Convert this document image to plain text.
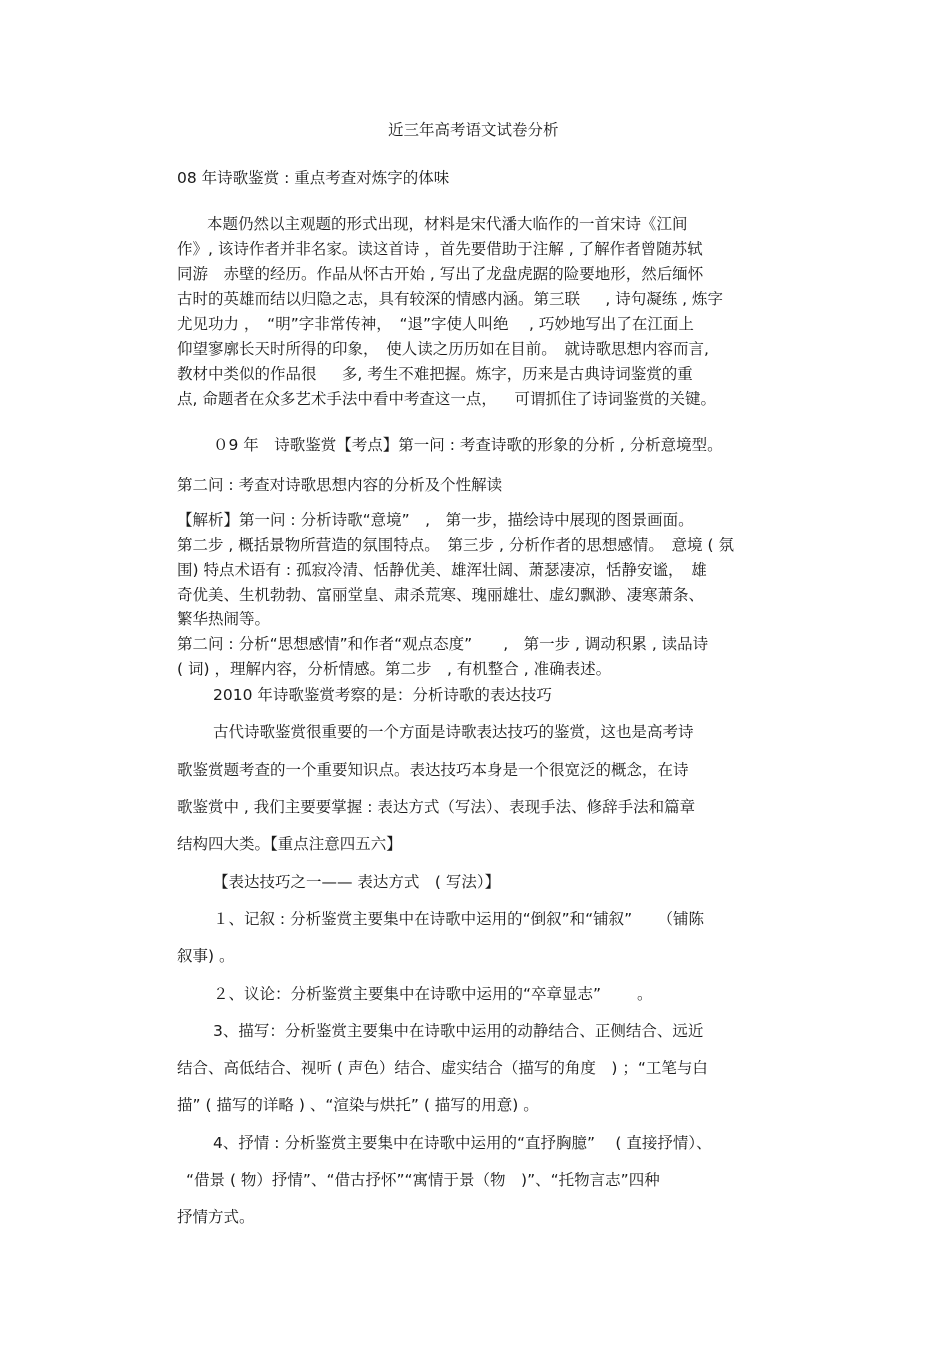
近三年高考语文试卷分析
08 年诗歌鉴赏 : 重点考查对炼字的体味
本题仍然以主观题的形式出现，材料是宋代潘大临作的一首宋诗《江间
作》, 该诗作者并非名家。读这首诗 ，首先要借助于注解 , 了解作者曾随苏轼
同游　赤壁的经历。作品从怀古开始 , 写出了龙盘虎踞的险要地形，然后缅怀
古时的英雄而结以归隐之志，具有较深的情感内涵。第三联　  , 诗句凝练 , 炼字
尤见功力 ，　“明”字非常传神，　“退”字使人叫绝　 , 巧妙地写出了在江面上
仰望寥廓长天时所得的印象，　使人读之历历如在目前。　就诗歌思想内容而言,
教材中类似的作品很　  多, 考生不难把握。炼字，历来是古典诗词鉴赏的重
点, 命题者在众多艺术手法中看中考查这一点，　  可谓抓住了诗词鉴赏的关键。
０9 年　诗歌鉴赏【考点】第一问 : 考查诗歌的形象的分析 , 分析意境型。
第二问 : 考查对诗歌思想内容的分析及个性解读
【解析】第一问 : 分析诗歌“意境”　,　第一步，描绘诗中展现的图景画面。
第二步 , 概括景物所营造的氛围特点。　第三步 , 分析作者的思想感情。　意境 ( 氛
围) 特点术语有 : 孤寂冷清、恬静优美、雄浑壮阔、萧瑟凄凉，恬静安谧，　雄
奇优美、生机勃勃、富丽堂皇、肃杀荒寒、瑰丽雄壮、虚幻飘渺、凄寒萧条、
繁华热闹等。
第二问 : 分析“思想感情”和作者“观点态度”　　,　第一步 , 调动积累 , 读品诗
( 词) ，理解内容，分析情感。第二步　, 有机整合 , 准确表述。
2010 年诗歌鉴赏考察的是：分析诗歌的表达技巧
古代诗歌鉴赏很重要的一个方面是诗歌表达技巧的鉴赏，这也是高考诗
歌鉴赏题考查的一个重要知识点。表达技巧本身是一个很宽泛的概念，在诗
歌鉴赏中 , 我们主要要掌握 : 表达方式（写法）、表现手法、修辞手法和篇章
结构四大类。【重点注意四五六】
【表达技巧之一—— 表达方式　( 写法）】
１、记叙 : 分析鉴赏主要集中在诗歌中运用的“倒叙”和“铺叙”　  （铺陈
叙事) 。
２、议论：分析鉴赏主要集中在诗歌中运用的“卒章显志”　　 。
3、描写：分析鉴赏主要集中在诗歌中运用的动静结合、正侧结合、远近
结合、高低结合、视听 ( 声色）结合、虚实结合（描写的角度　) ；“工笔与白
描” ( 描写的详略 ) 、“渲染与烘托” ( 描写的用意) 。
4、抒情 : 分析鉴赏主要集中在诗歌中运用的“直抒胸臆”　 ( 直接抒情）、
“借景 ( 物）抒情”、“借古抒怀”“寓情于景（物　)”、“托物言志”四种
抒情方式。
